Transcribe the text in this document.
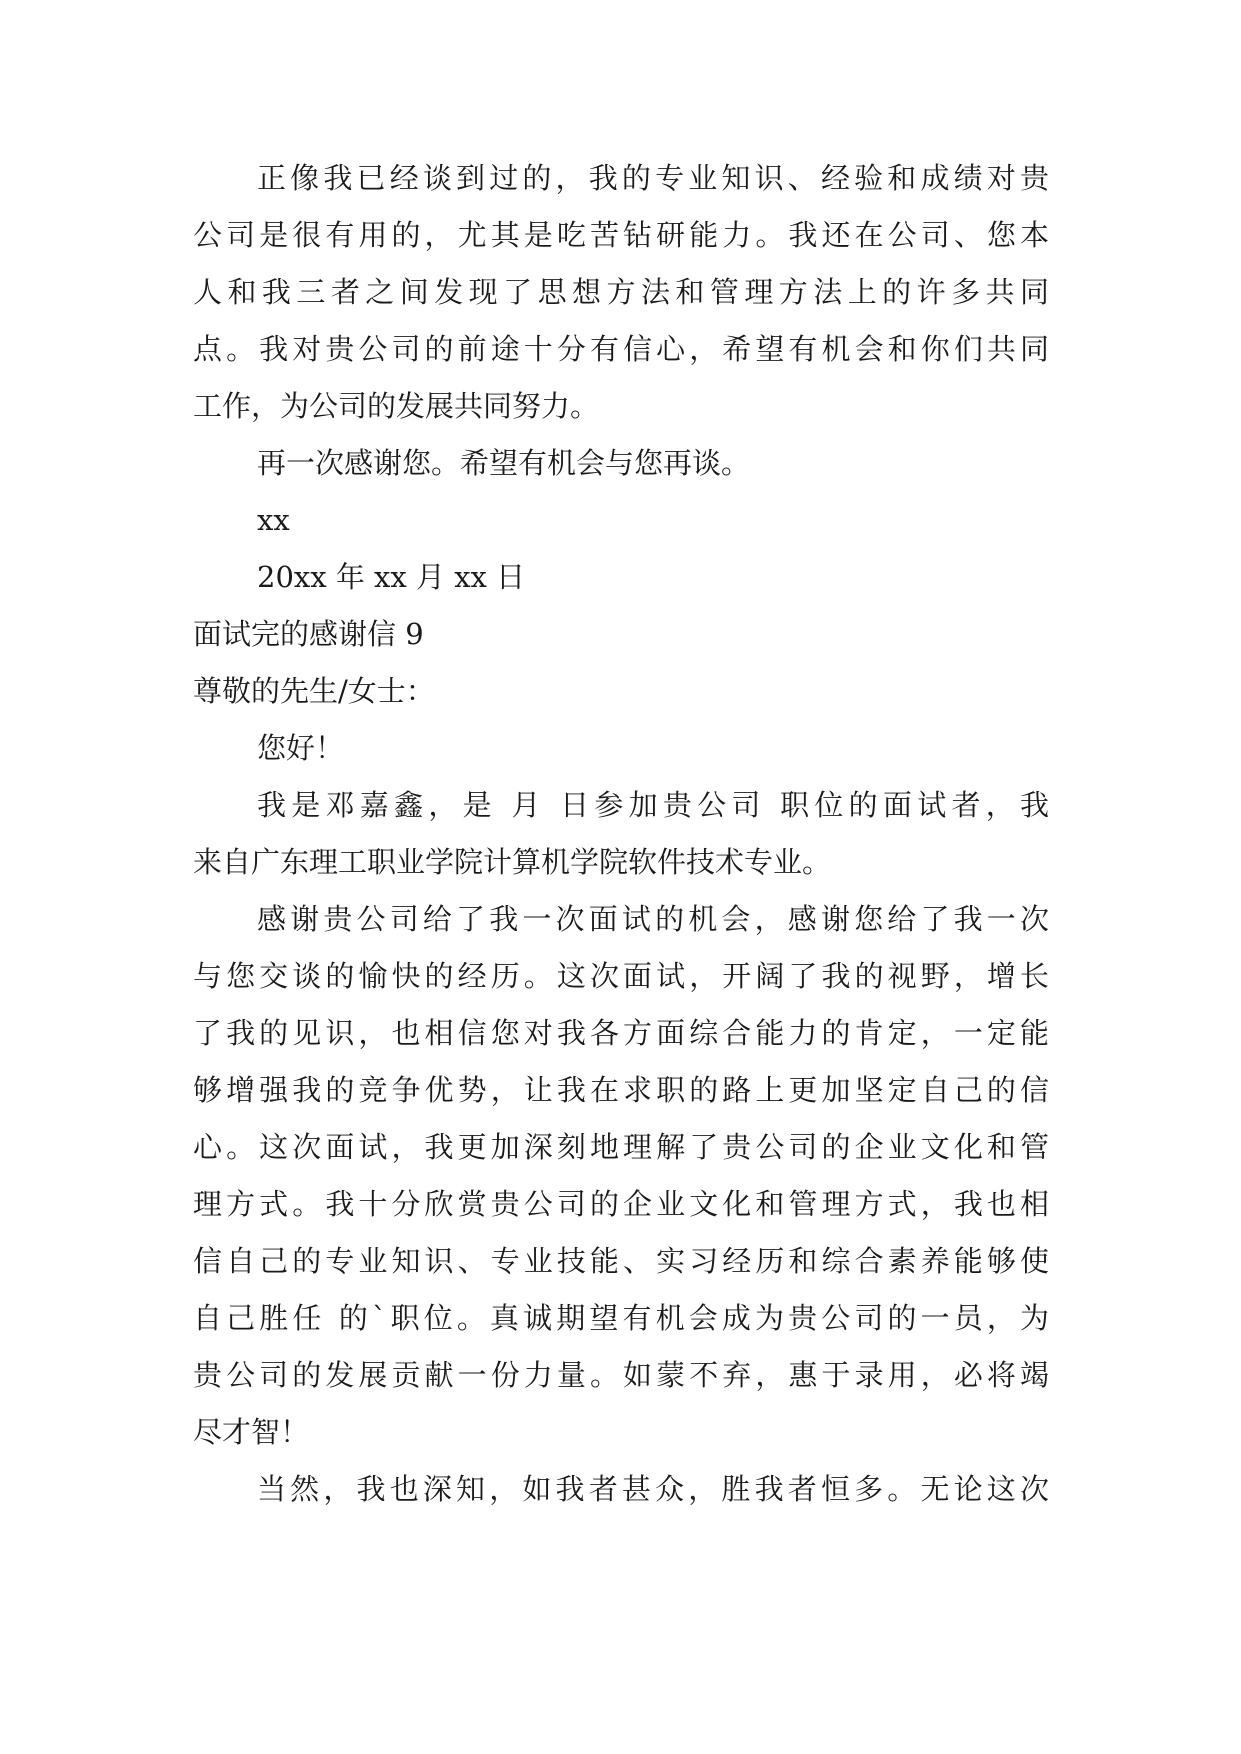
正像我已经谈到过的，我的专业知识、经验和成绩对贵
公司是很有用的，尤其是吃苦钻研能力。我还在公司、您本
人和我三者之间发现了思想方法和管理方法上的许多共同
点。我对贵公司的前途十分有信心，希望有机会和你们共同
工作，为公司的发展共同努力。
再一次感谢您。希望有机会与您再谈。
xx
20xx 年 xx 月 xx 日
面试完的感谢信 9
尊敬的先生/女士：
您好！
我是邓嘉鑫，是 月 日参加贵公司 职位的面试者，我
来自广东理工职业学院计算机学院软件技术专业。
感谢贵公司给了我一次面试的机会，感谢您给了我一次
与您交谈的愉快的经历。这次面试，开阔了我的视野，增长
了我的见识，也相信您对我各方面综合能力的肯定，一定能
够增强我的竞争优势，让我在求职的路上更加坚定自己的信
心。这次面试，我更加深刻地理解了贵公司的企业文化和管
理方式。我十分欣赏贵公司的企业文化和管理方式，我也相
信自己的专业知识、专业技能、实习经历和综合素养能够使
自己胜任 的`职位。真诚期望有机会成为贵公司的一员，为
贵公司的发展贡献一份力量。如蒙不弃，惠于录用，必将竭
尽才智！
当然，我也深知，如我者甚众，胜我者恒多。无论这次
